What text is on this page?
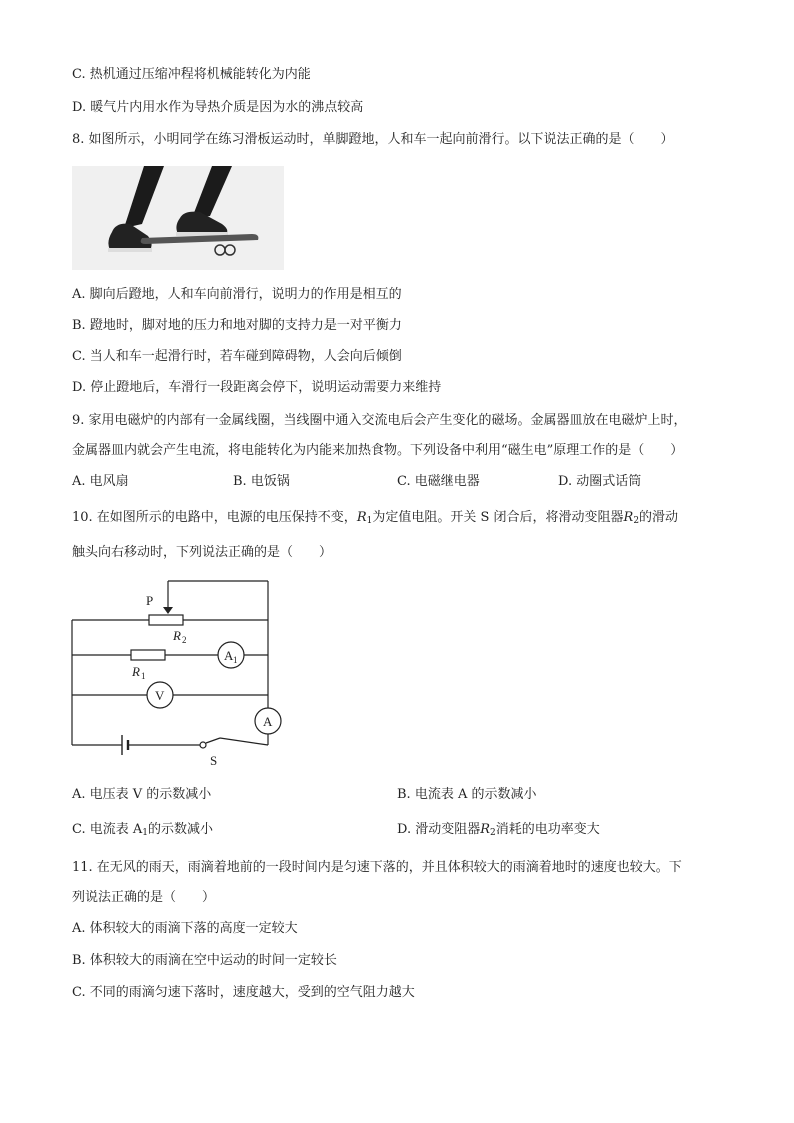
C. 热机通过压缩冲程将机械能转化为内能
D. 暖气片内用水作为导热介质是因为水的沸点较高
8. 如图所示，小明同学在练习滑板运动时，单脚蹬地，人和车一起向前滑行。以下说法正确的是（　　）
A. 脚向后蹬地，人和车向前滑行，说明力的作用是相互的
B. 蹬地时，脚对地的压力和地对脚的支持力是一对平衡力
C. 当人和车一起滑行时，若车碰到障碍物，人会向后倾倒
D. 停止蹬地后，车滑行一段距离会停下，说明运动需要力来维持
9. 家用电磁炉的内部有一金属线圈，当线圈中通入交流电后会产生变化的磁场。金属器皿放在电磁炉上时，
金属器皿内就会产生电流，将电能转化为内能来加热食物。下列设备中利用“磁生电”原理工作的是（　　）
A. 电风扇	B. 电饭锅	C. 电磁继电器	D. 动圈式话筒
10. 在如图所示的电路中，电源的电压保持不变，$R_1$为定值电阻。开关 S 闭合后，将滑动变阻器$R_2$的滑动
触头向右移动时，下列说法正确的是（　　）
P
R 2
R 1
A 1
V
A
S
A. 电压表 V 的示数减小	B. 电流表 A 的示数减小
C. 电流表 $A_1$的示数减小	D. 滑动变阻器$R_2$消耗的电功率变大
11. 在无风的雨天，雨滴着地前的一段时间内是匀速下落的，并且体积较大的雨滴着地时的速度也较大。下
列说法正确的是（　　）
A. 体积较大的雨滴下落的高度一定较大
B. 体积较大的雨滴在空中运动的时间一定较长
C. 不同的雨滴匀速下落时，速度越大，受到的空气阻力越大
